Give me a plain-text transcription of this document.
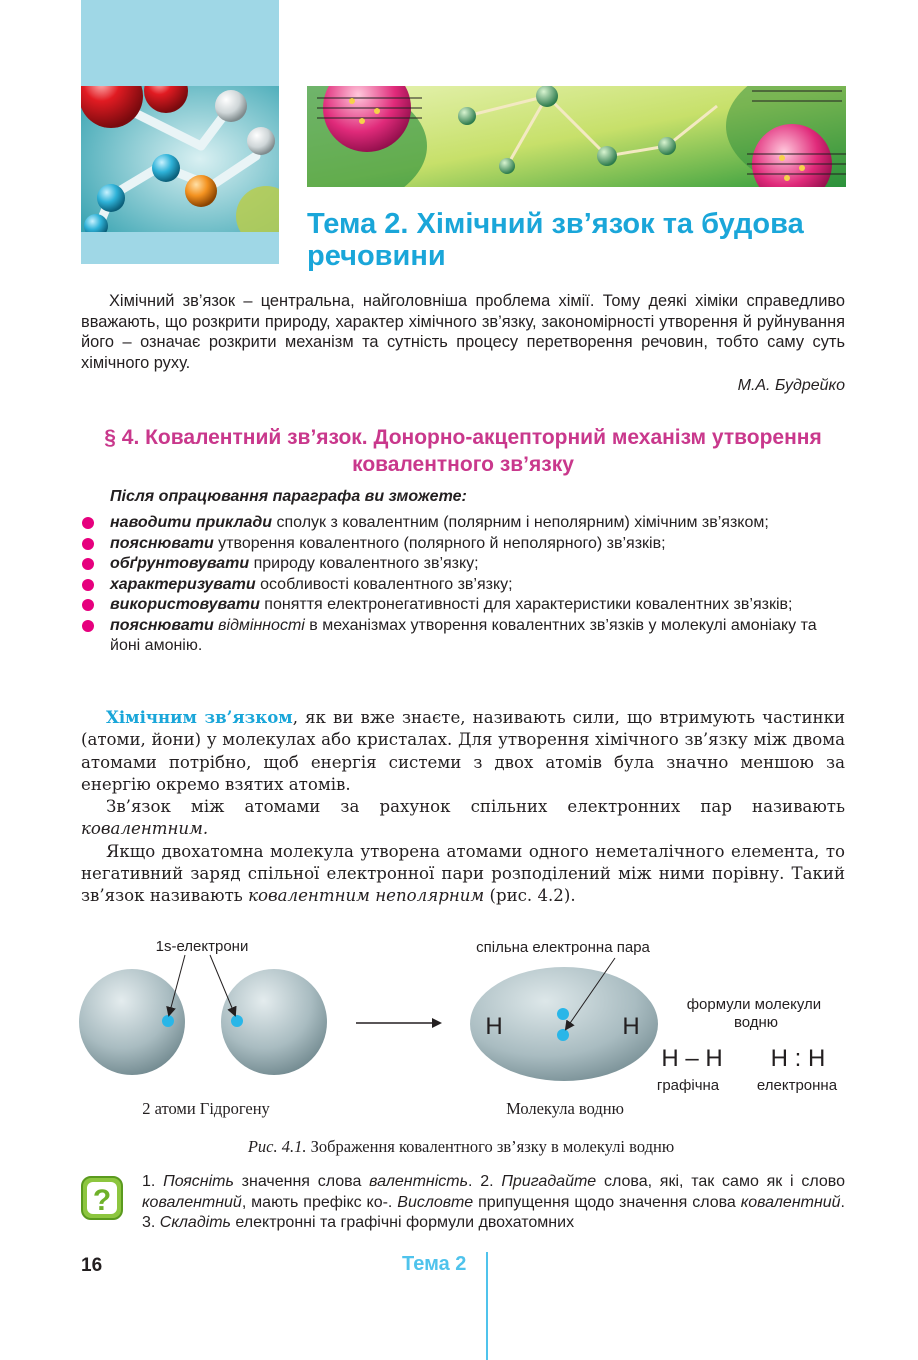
Тема 2. Хімічний зв’язок та будова речовини

Хімічний зв’язок – центральна, найголовніша проблема хімії. Тому деякі хіміки справедливо вважають, що розкрити природу, характер хімічного зв’язку, закономірності утворення й руйнування його – означає розкрити механізм та сутність процесу перетворення речовин, тобто саму суть хімічного руху.

М.А. Будрейко
§ 4. Ковалентний зв’язок. Донорно-акцепторний механізм утворення ковалентного зв’язку
Після опрацювання параграфа ви зможете:
наводити приклади сполук з ковалентним (полярним і неполярним) хімічним зв’язком;
пояснювати утворення ковалентного (полярного й неполярного) зв’язків;
обґрунтовувати природу ковалентного зв’язку;
характеризувати особливості ковалентного зв’язку;
використовувати поняття електронегативності для характеристики ковалентних зв’язків;
пояснювати відмінності в механізмах утворення ковалентних зв’язків у молекулі амоніаку та йоні амонію.

Хімічним зв’язком, як ви вже знаєте, називають сили, що втримують частинки (атоми, йони) у молекулах або кристалах. Для утворення хімічного зв’язку між двома атомами потрібно, щоб енергія системи з двох атомів була значно меншою за енергію окремо взятих атомів.

Зв’язок між атомами за рахунок спільних електронних пар називають ковалентним.

Якщо двохатомна молекула утворена атомами одного неметалічного елемента, то негативний заряд спільної електронної пари розподілений між ними порівну. Такий зв’язок називають ковалентним неполярним (рис. 4.2).

Н	Н
1s-електрони	спільна електронна пара
формули молекули водню
Н – Н Н : Н
графічна	електронна
2 атоми Гідрогену	Молекула водню
Рис. 4.1. Зображення ковалентного зв’язку в молекулі водню
?
1. Поясніть значення слова валентність. 2. Пригадайте слова, які, так само як і слово ковалентний, мають префікс ко-. Висловте припущення щодо значення слова ковалентний. 3. Складіть електронні та графічні формули двохатомних
16	Тема 2
